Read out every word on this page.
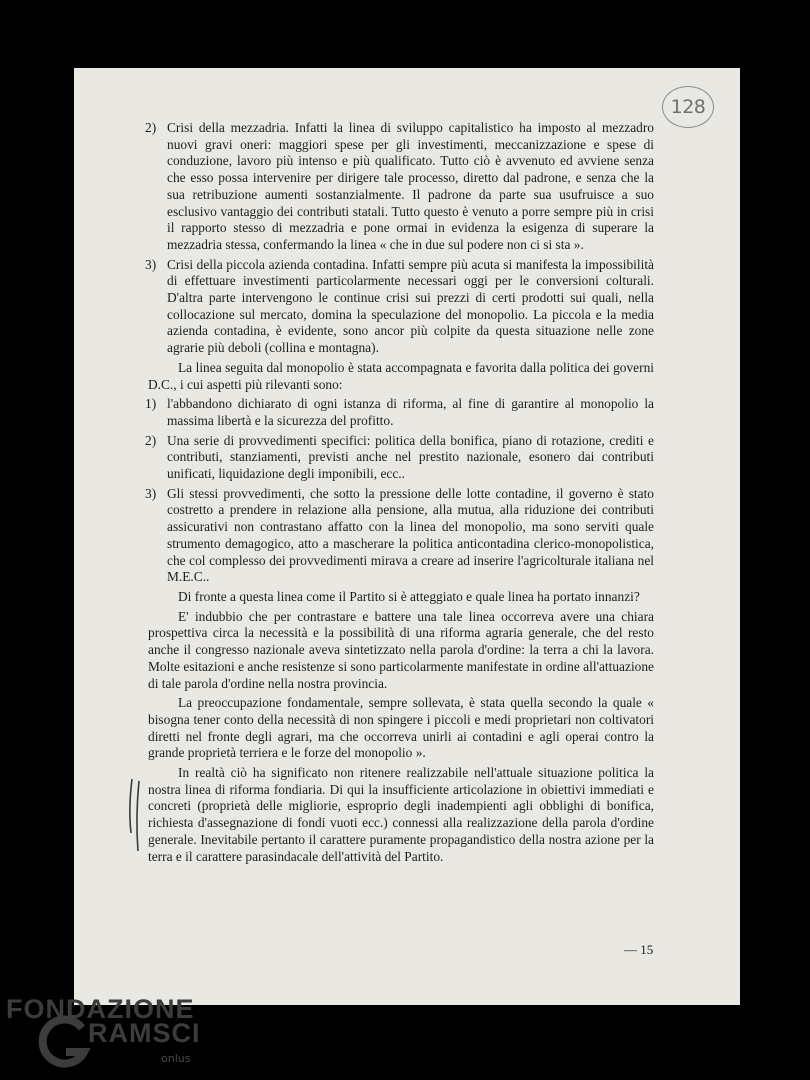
128
2) Crisi della mezzadria. Infatti la linea di sviluppo capitalistico ha imposto al mezzadro nuovi gravi oneri: maggiori spese per gli investimenti, meccanizzazione e spese di conduzione, lavoro più intenso e più qualificato. Tutto ciò è avvenuto ed avviene senza che esso possa intervenire per dirigere tale processo, diretto dal padrone, e senza che la sua retribuzione aumenti sostanzialmente. Il padrone da parte sua usufruisce a suo esclusivo vantaggio dei contributi statali. Tutto questo è venuto a porre sempre più in crisi il rapporto stesso di mezzadria e pone ormai in evidenza la esigenza di superare la mezzadria stessa, confermando la linea « che in due sul podere non ci si sta ».
3) Crisi della piccola azienda contadina. Infatti sempre più acuta si manifesta la impossibilità di effettuare investimenti particolarmente necessari oggi per le conversioni colturali. D'altra parte intervengono le continue crisi sui prezzi di certi prodotti sui quali, nella collocazione sul mercato, domina la speculazione del monopolio. La piccola e la media azienda contadina, è evidente, sono ancor più colpite da questa situazione nelle zone agrarie più deboli (collina e montagna).
La linea seguita dal monopolio è stata accompagnata e favorita dalla politica dei governi D.C., i cui aspetti più rilevanti sono:
1) l'abbandono dichiarato di ogni istanza di riforma, al fine di garantire al monopolio la massima libertà e la sicurezza del profitto.
2) Una serie di provvedimenti specifici: politica della bonifica, piano di rotazione, crediti e contributi, stanziamenti, previsti anche nel prestito nazionale, esonero dai contributi unificati, liquidazione degli imponibili, ecc..
3) Gli stessi provvedimenti, che sotto la pressione delle lotte contadine, il governo è stato costretto a prendere in relazione alla pensione, alla mutua, alla riduzione dei contributi assicurativi non contrastano affatto con la linea del monopolio, ma sono serviti quale strumento demagogico, atto a mascherare la politica anticontadina clerico-monopolistica, che col complesso dei provvedimenti mirava a creare ad inserire l'agricolturale italiana nel M.E.C..
Di fronte a questa linea come il Partito si è atteggiato e quale linea ha portato innanzi?
E' indubbio che per contrastare e battere una tale linea occorreva avere una chiara prospettiva circa la necessità e la possibilità di una riforma agraria generale, che del resto anche il congresso nazionale aveva sintetizzato nella parola d'ordine: la terra a chi la lavora. Molte esitazioni e anche resistenze si sono particolarmente manifestate in ordine all'attuazione di tale parola d'ordine nella nostra provincia.
La preoccupazione fondamentale, sempre sollevata, è stata quella secondo la quale « bisogna tener conto della necessità di non spingere i piccoli e medi proprietari non coltivatori diretti nel fronte degli agrari, ma che occorreva unirli ai contadini e agli operai contro la grande proprietà terriera e le forze del monopolio ».
In realtà ciò ha significato non ritenere realizzabile nell'attuale situazione politica la nostra linea di riforma fondiaria. Di qui la insufficiente articolazione in obiettivi immediati e concreti (proprietà delle migliorie, esproprio degli inadempienti agli obblighi di bonifica, richiesta d'assegnazione di fondi vuoti ecc.) connessi alla realizzazione della parola d'ordine generale. Inevitabile pertanto il carattere puramente propagandistico della nostra azione per la terra e il carattere parasindacale dell'attività del Partito.
— 15
FONDAZIONE
RAMSCI
onlus
